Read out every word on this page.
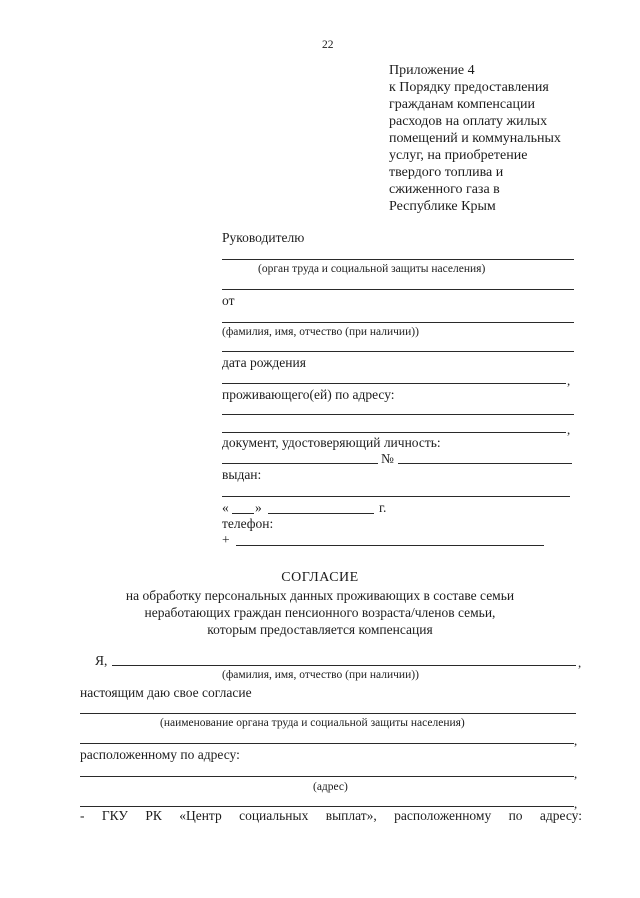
22
Приложение 4
к Порядку предоставления
гражданам компенсации
расходов на оплату жилых
помещений и коммунальных
услуг, на приобретение
твердого топлива и
сжиженного газа в
Республике Крым
Руководителю
(орган труда и социальной защиты населения)
от
(фамилия, имя, отчество (при наличии))
дата рождения
,
проживающего(ей) по адресу:
,
документ, удостоверяющий личность:
№
выдан:
« »	г.
телефон:
+
СОГЛАСИЕ
на обработку персональных данных проживающих в составе семьи
неработающих граждан пенсионного возраста/членов семьи,
которым предоставляется компенсация
Я,	,
(фамилия, имя, отчество (при наличии))
настоящим даю свое согласие
(наименование органа труда и социальной защиты населения)
,
расположенному по адресу:
,
(адрес)
,
- ГКУ РК «Центр социальных выплат», расположенному по адресу:
